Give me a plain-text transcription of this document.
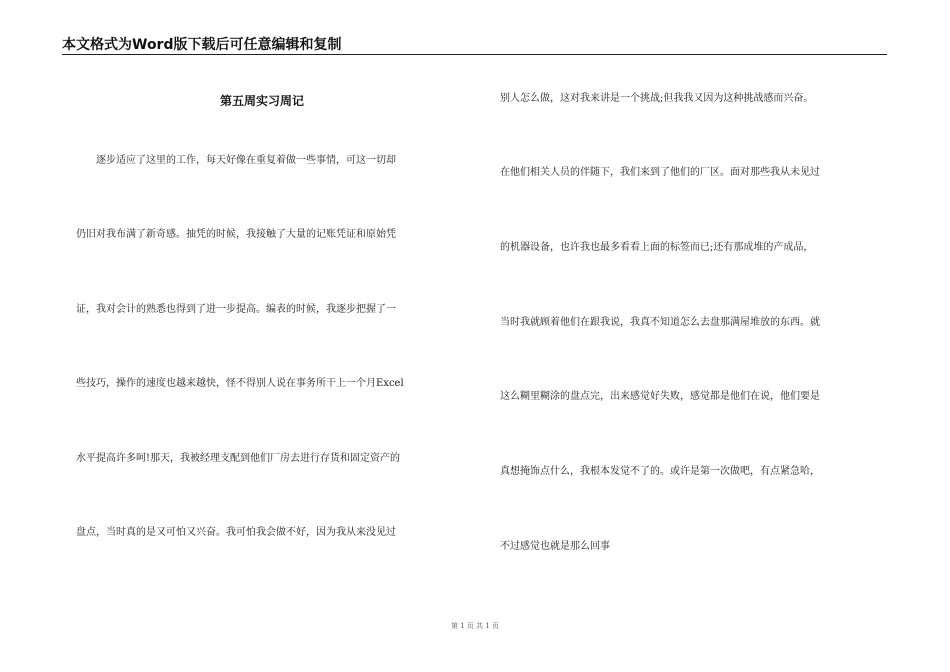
本文格式为Word版下载后可任意编辑和复制
第五周实习周记
逐步适应了这里的工作，每天好像在重复着做一些事情，可这一切却
仍旧对我布满了新奇感。抽凭的时候，我接触了大量的记账凭证和原始凭
证，我对会计的熟悉也得到了进一步提高。编表的时候，我逐步把握了一
些技巧，操作的速度也越来越快，怪不得别人说在事务所干上一个月Excel
水平提高许多呵!那天，我被经理支配到他们厂房去进行存货和固定资产的
盘点，当时真的是又可怕又兴奋。我可怕我会做不好，因为我从来没见过
别人怎么做，这对我来讲是一个挑战;但我我又因为这种挑战感而兴奋。
在他们相关人员的伴随下，我们来到了他们的厂区。面对那些我从未见过
的机器设备，也许我也最多看看上面的标签而已;还有那成堆的产成品，
当时我就顾着他们在跟我说，我真不知道怎么去盘那满屋堆放的东西。就
这么糊里糊涂的盘点完，出来感觉好失败，感觉都是他们在说，他们要是
真想掩饰点什么，我根本发觉不了的。或许是第一次做吧，有点紧急哈，
不过感觉也就是那么回事
第 1 页 共 1 页
